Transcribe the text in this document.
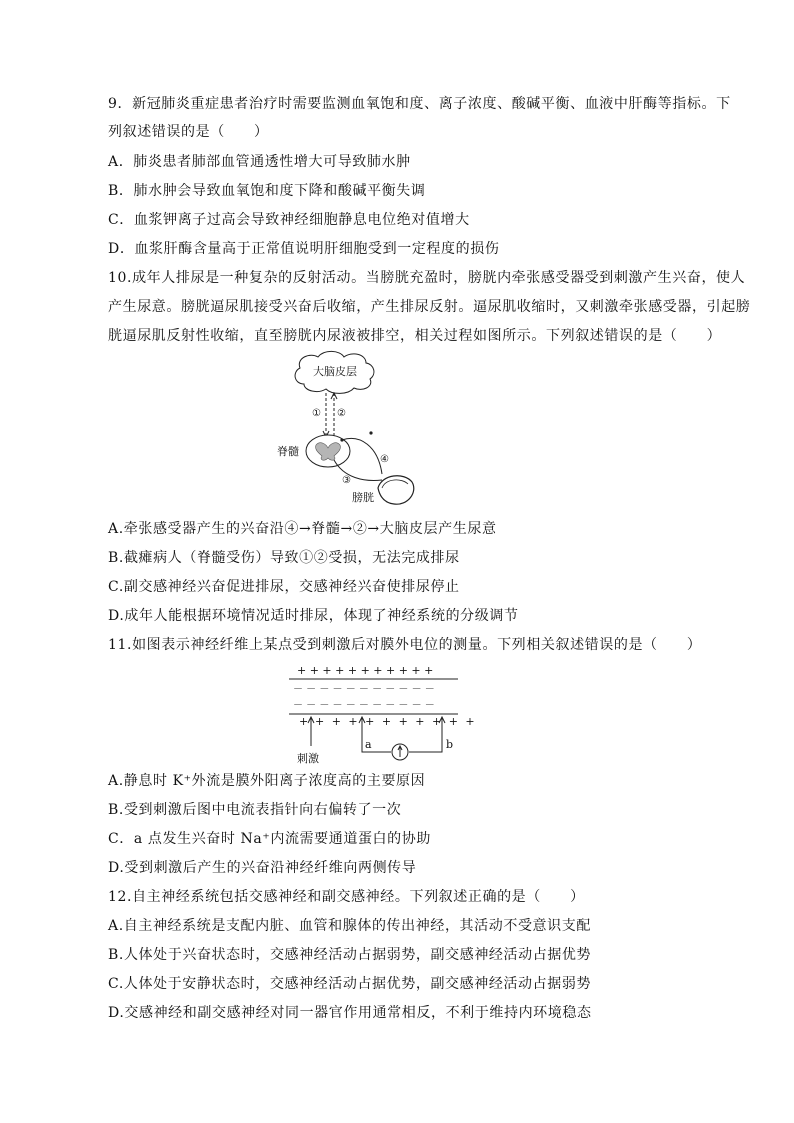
9．新冠肺炎重症患者治疗时需要监测血氧饱和度、离子浓度、酸碱平衡、血液中肝酶等指标。下
列叙述错误的是（　　）
A．肺炎患者肺部血管通透性增大可导致肺水肿
B．肺水肿会导致血氧饱和度下降和酸碱平衡失调
C．血浆钾离子过高会导致神经细胞静息电位绝对值增大
D．血浆肝酶含量高于正常值说明肝细胞受到一定程度的损伤
10.成年人排尿是一种复杂的反射活动。当膀胱充盈时，膀胱内牵张感受器受到刺激产生兴奋，使人
产生尿意。膀胱逼尿肌接受兴奋后收缩，产生排尿反射。逼尿肌收缩时，又刺激牵张感受器，引起膀
胱逼尿肌反射性收缩，直至膀胱内尿液被排空，相关过程如图所示。下列叙述错误的是（　　）
大脑皮层
① ②
脊髓
④
③
膀胱
A.牵张感受器产生的兴奋沿④→脊髓→②→大脑皮层产生尿意
B.截瘫病人（脊髓受伤）导致①②受损，无法完成排尿
C.副交感神经兴奋促进排尿，交感神经兴奋使排尿停止
D.成年人能根据环境情况适时排尿，体现了神经系统的分级调节
11.如图表示神经纤维上某点受到刺激后对膜外电位的测量。下列相关叙述错误的是（　　）
+ + + + + + + + + + +
－ － － － － － － － － － －
－ － － － － － － － － － －
+ + + + + + + + + + +
刺激
a	b
A.静息时 K⁺外流是膜外阳离子浓度高的主要原因
B.受到刺激后图中电流表指针向右偏转了一次
C．a 点发生兴奋时 Na⁺内流需要通道蛋白的协助
D.受到刺激后产生的兴奋沿神经纤维向两侧传导
12.自主神经系统包括交感神经和副交感神经。下列叙述正确的是（　　）
A.自主神经系统是支配内脏、血管和腺体的传出神经，其活动不受意识支配
B.人体处于兴奋状态时，交感神经活动占据弱势，副交感神经活动占据优势
C.人体处于安静状态时，交感神经活动占据优势，副交感神经活动占据弱势
D.交感神经和副交感神经对同一器官作用通常相反，不利于维持内环境稳态
